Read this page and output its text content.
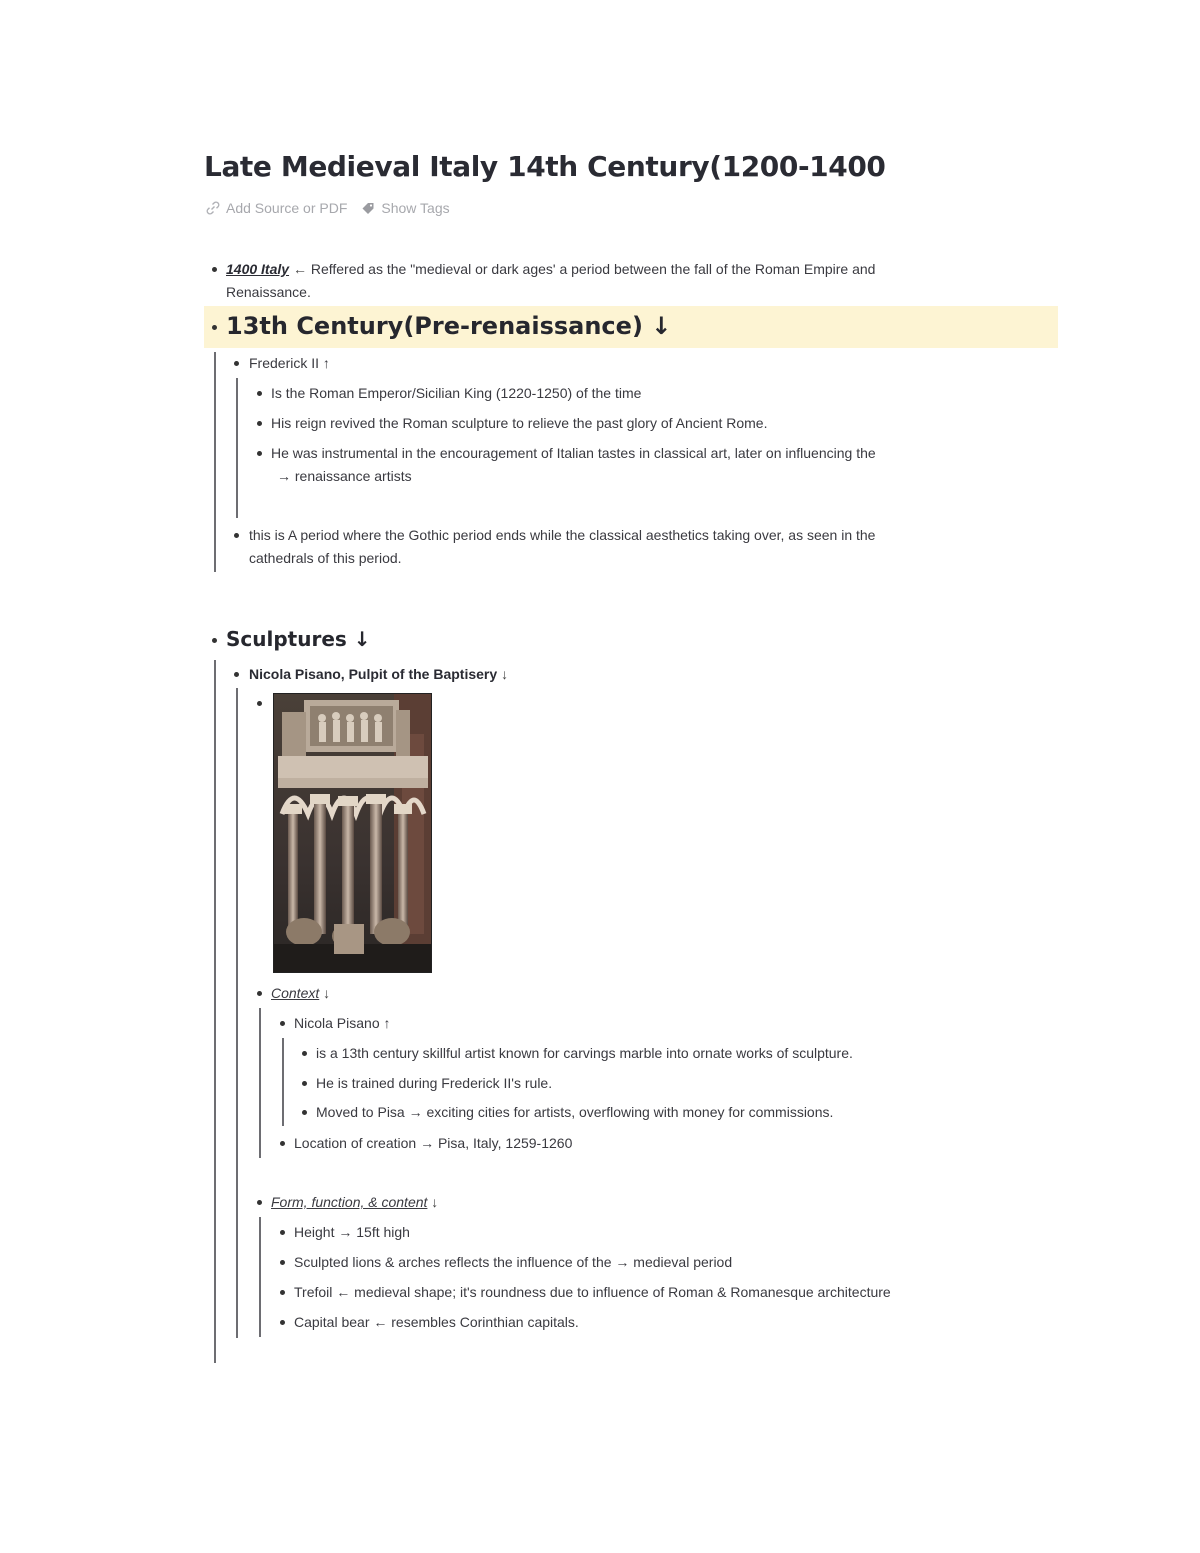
Late Medieval Italy 14th Century(1200-1400
Add Source or PDF Show Tags
1400 Italy ← Reffered as the "medieval or dark ages' a period between the fall of the Roman Empire and
Renaissance.
13th Century(Pre-renaissance) ↓
Frederick II ↑
Is the Roman Emperor/Sicilian King (1220-1250) of the time
His reign revived the Roman sculpture to relieve the past glory of Ancient Rome.
He was instrumental in the encouragement of Italian tastes in classical art, later on influencing the
→ renaissance artists
this is A period where the Gothic period ends while the classical aesthetics taking over, as seen in the
cathedrals of this period.
Sculptures ↓
Nicola Pisano, Pulpit of the Baptisery ↓
Context ↓
Nicola Pisano ↑
is a 13th century skillful artist known for carvings marble into ornate works of sculpture.
He is trained during Frederick II's rule.
Moved to Pisa → exciting cities for artists, overflowing with money for commissions.
Location of creation → Pisa, Italy, 1259-1260
Form, function, & content ↓
Height → 15ft high
Sculpted lions & arches reflects the influence of the → medieval period
Trefoil ← medieval shape; it's roundness due to influence of Roman & Romanesque architecture
Capital bear ← resembles Corinthian capitals.
